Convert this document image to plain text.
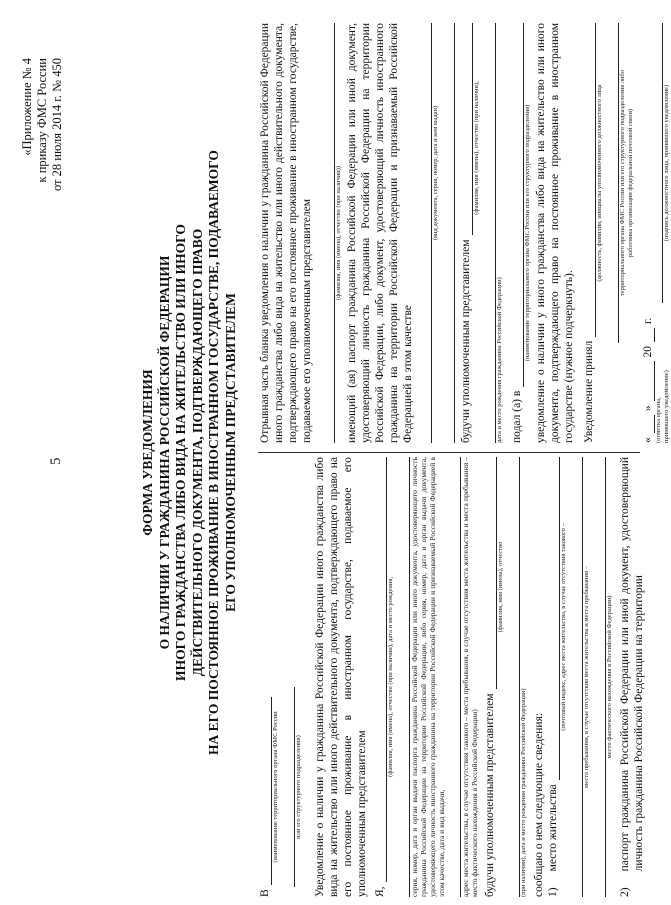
5
«Приложение № 4 к приказу ФМС России от 28 июля 2014 г. № 450
ФОРМА УВЕДОМЛЕНИЯ О НАЛИЧИИ У ГРАЖДАНИНА РОССИЙСКОЙ ФЕДЕРАЦИИ ИНОГО ГРАЖДАНСТВА ЛИБО ВИДА НА ЖИТЕЛЬСТВО ИЛИ ИНОГО ДЕЙСТВИТЕЛЬНОГО ДОКУМЕНТА, ПОДТВЕРЖДАЮЩЕГО ПРАВО НА ЕГО ПОСТОЯННОЕ ПРОЖИВАНИЕ В ИНОСТРАННОМ ГОСУДАРСТВЕ, ПОДАВАЕМОГО ЕГО УПОЛНОМОЧЕННЫМ ПРЕДСТАВИТЕЛЕМ
В
(наименование территориального органа ФМС России или его структурного подразделения) Уведомление о наличии у гражданина Российской Федерации иного гражданства либо вида на жительство или иного действительного документа, подтверждающего право на его постоянное проживание в иностранном государстве, подаваемое его уполномоченным представителем Я,
(фамилия, имя (имена), отчество (при наличии), дата и место рождения, серия, номер, дата и орган выдачи паспорта гражданина Российской Федерации или иного документа, удостоверяющего личность гражданина Российской Федерации на территории Российской Федерации, либо серия, номер, дата и орган выдачи документа, удостоверяющего личность иностранного гражданина на территории Российской Федерации и признаваемый Российской Федерацией в этом качестве, дата и вид выдачи, адрес места жительства, в случае отсутствия такового – места пребывания, в случае отсутствия места жительства и места пребывания – место фактического нахождения в Российской Федерации) будучи уполномоченным представителем
(фамилия, имя (имена), отчество
(при наличии), дата и место рождения гражданина Российской Федерации) сообщаю о нем следующие сведения: 1)
место жительства
(почтовый индекс, адрес места жительства, в случае отсутствия такового – места пребывания, в случае отсутствия места жительства и места пребывания – место фактического нахождения в Российской Федерации)
2)
паспорт гражданина Российской Федерации или иной документ, удостоверяющий личность гражданина Российской Федерации на территории
Отрывная часть бланка уведомления о наличии у гражданина Российской Федерации иного гражданства либо вида на жительство или иного действительного документа, подтверждающего право на его постоянное проживание в иностранном государстве, подаваемое его уполномоченным представителем	(фамилия, имя (имена), отчество (при наличии)) имеющий (ая) паспорт гражданина Российской Федерации или иной документ, удостоверяющий личность гражданина Российской Федерации на территории Российской Федерации, либо документ, удостоверяющий личность иностранного гражданина на территории Российской Федерации и признаваемый Российской Федерацией в этом качестве
(вид документа, серия, номер, дата и кем выдан)
будучи уполномоченным представителем
(фамилия, имя (имена), отчество (при наличии),
дата и место рождения гражданина Российской Федерации) подал (а) в
(наименование территориального органа ФМС России или его структурного подразделения) уведомление о наличии у иного гражданства либо вида на жительство или иного документа, подтверждающего право на постоянное проживание в иностранном государстве (нужное подчеркнуть). Уведомление принял
(должность, фамилия, инициалы уполномоченного должностного лица территориального органа ФМС России или его структурного подразделения либо работника организации федеральной почтовой связи)
«
»
20
г.
(отметка органа, принявшего уведомление)
(подпись должностного лица, принявшего уведомление)
